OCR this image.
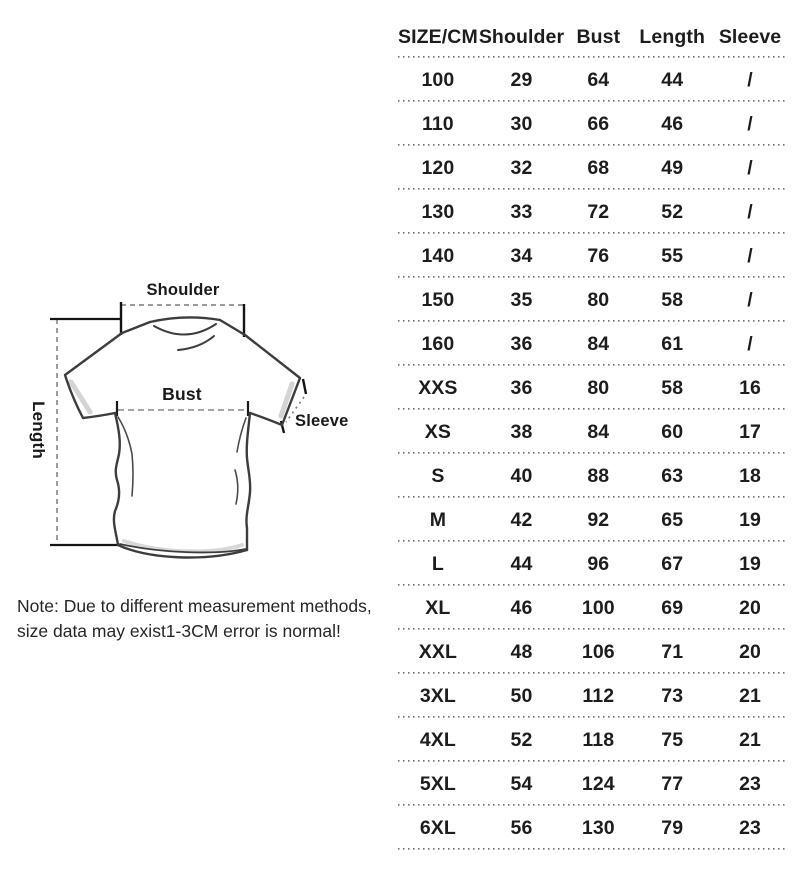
Shoulder
Bust
Length	Sleeve
Note: Due to different measurement methods,
size data may exist1-3CM error is normal!
SIZE/CM Shoulder Bust Length Sleeve
100	29	64	44	/
110	30	66	46	/
120	32	68	49	/
130	33	72	52	/
140	34	76	55	/
150	35	80	58	/
160	36	84	61	/
XXS	36	80	58	16
XS	38	84	60	17
S	40	88	63	18
M	42	92	65	19
L	44	96	67	19
XL	46	100	69	20
XXL	48	106	71	20
3XL	50	112	73	21
4XL	52	118	75	21
5XL	54	124	77	23
6XL	56	130	79	23
